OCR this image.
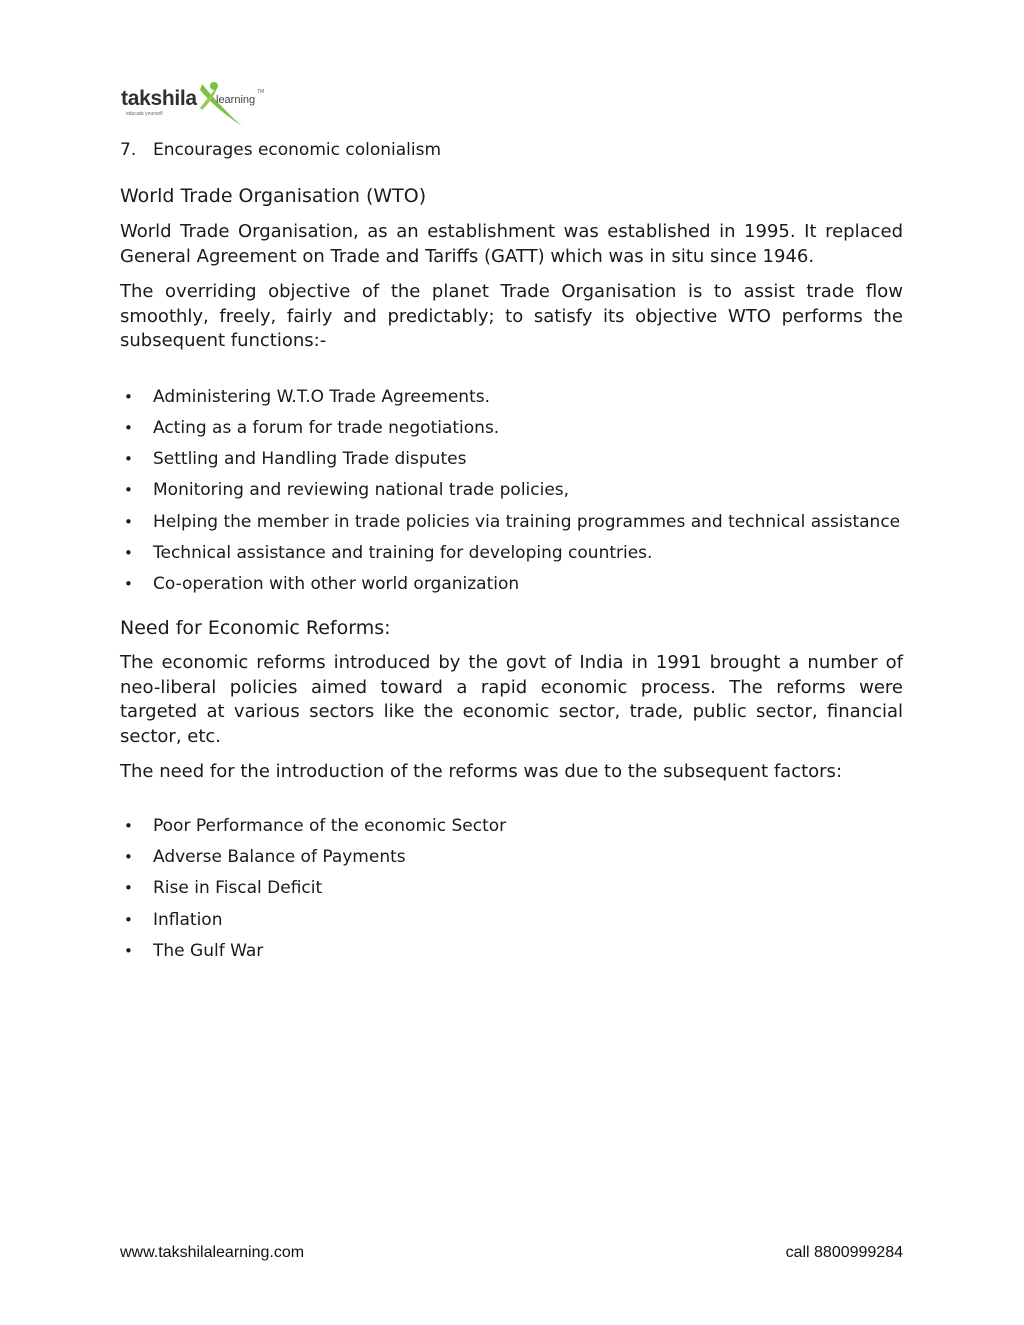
takshila learning
educate yourself
TM

7. Encourages economic colonialism
World Trade Organisation (WTO)

World Trade Organisation, as an establishment was established in 1995. It replaced General Agreement on Trade and Tariffs (GATT) which was in situ since 1946.

The overriding objective of the planet Trade Organisation is to assist trade flow smoothly, freely, fairly and predictably; to satisfy its objective WTO performs the subsequent functions:-

• Administering W.T.O Trade Agreements.
• Acting as a forum for trade negotiations.
• Settling and Handling Trade disputes
• Monitoring and reviewing national trade policies,
• Helping the member in trade policies via training programmes and technical assistance
• Technical assistance and training for developing countries.
• Co-operation with other world organization
Need for Economic Reforms:

The economic reforms introduced by the govt of India in 1991 brought a number of neo-liberal policies aimed toward a rapid economic process. The reforms were targeted at various sectors like the economic sector, trade, public sector, financial sector, etc.

The need for the introduction of the reforms was due to the subsequent factors:

• Poor Performance of the economic Sector
• Adverse Balance of Payments
• Rise in Fiscal Deficit
• Inflation
• The Gulf War
www.takshilalearning.com	call 8800999284
